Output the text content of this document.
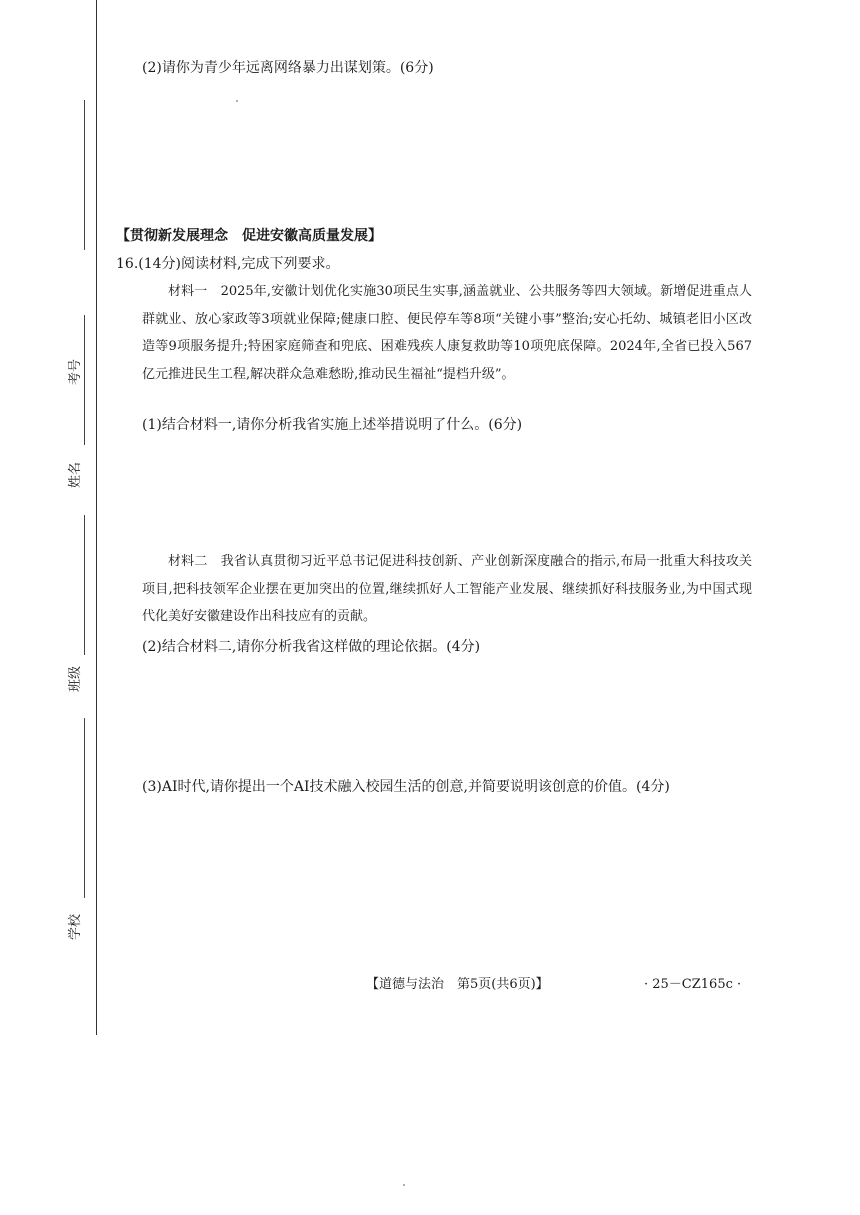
考号
姓名
班级
学校
(2)请你为青少年远离网络暴力出谋划策。(6分)
【贯彻新发展理念　促进安徽高质量发展】
16.(14分)阅读材料,完成下列要求。
材料一　2025年,安徽计划优化实施30项民生实事,涵盖就业、公共服务等四大领域。新增促进重点人群就业、放心家政等3项就业保障;健康口腔、便民停车等8项“关键小事”整治;安心托幼、城镇老旧小区改造等9项服务提升;特困家庭筛查和兜底、困难残疾人康复救助等10项兜底保障。2024年,全省已投入567亿元推进民生工程,解决群众急难愁盼,推动民生福祉“提档升级”。
(1)结合材料一,请你分析我省实施上述举措说明了什么。(6分)
材料二　我省认真贯彻习近平总书记促进科技创新、产业创新深度融合的指示,布局一批重大科技攻关项目,把科技领军企业摆在更加突出的位置,继续抓好人工智能产业发展、继续抓好科技服务业,为中国式现代化美好安徽建设作出科技应有的贡献。
(2)结合材料二,请你分析我省这样做的理论依据。(4分)
(3)AI时代,请你提出一个AI技术融入校园生活的创意,并简要说明该创意的价值。(4分)
【道德与法治　第5页(共6页)】	· 25－CZ165c ·
